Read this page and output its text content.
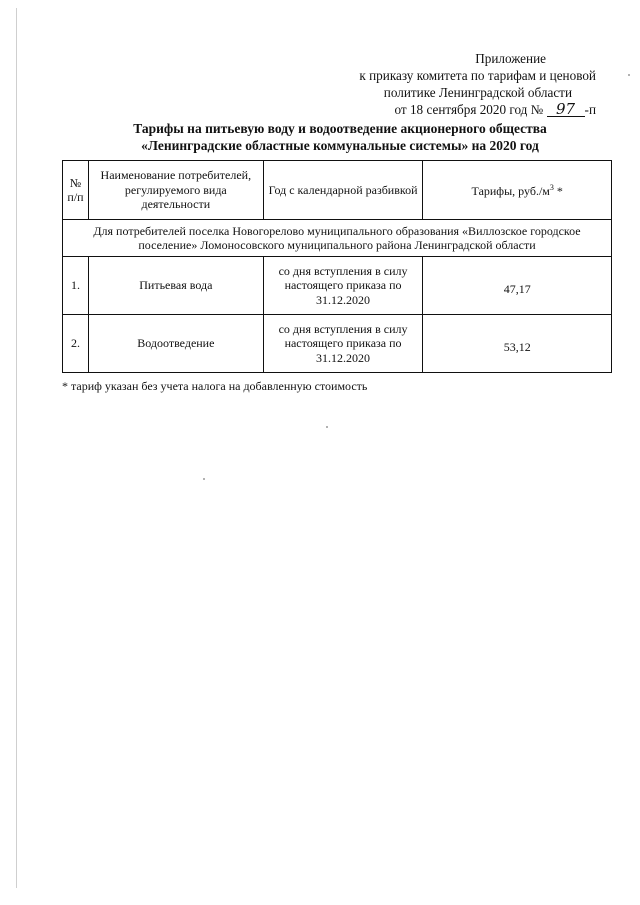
Приложение
к приказу комитета по тарифам и ценовой
политике Ленинградской области
от 18 сентября 2020 год № 97 -п
Тарифы на питьевую воду и водоотведение акционерного общества
«Ленинградские областные коммунальные системы» на 2020 год
№ п/п	Наименование потребителей, регулируемого вида деятельности	Год с календарной разбивкой	Тарифы, $руб./м^3$ *
Для потребителей поселка Новогорелово муниципального образования «Виллозское городское поселение» Ломоносовского муниципального района Ленинградской области			
1.	Питьевая вода	со дня вступления в силу настоящего приказа по 31.12.2020	47,17
2.	Водоотведение	со дня вступления в силу настоящего приказа по 31.12.2020	53,12
* тариф указан без учета налога на добавленную стоимость
